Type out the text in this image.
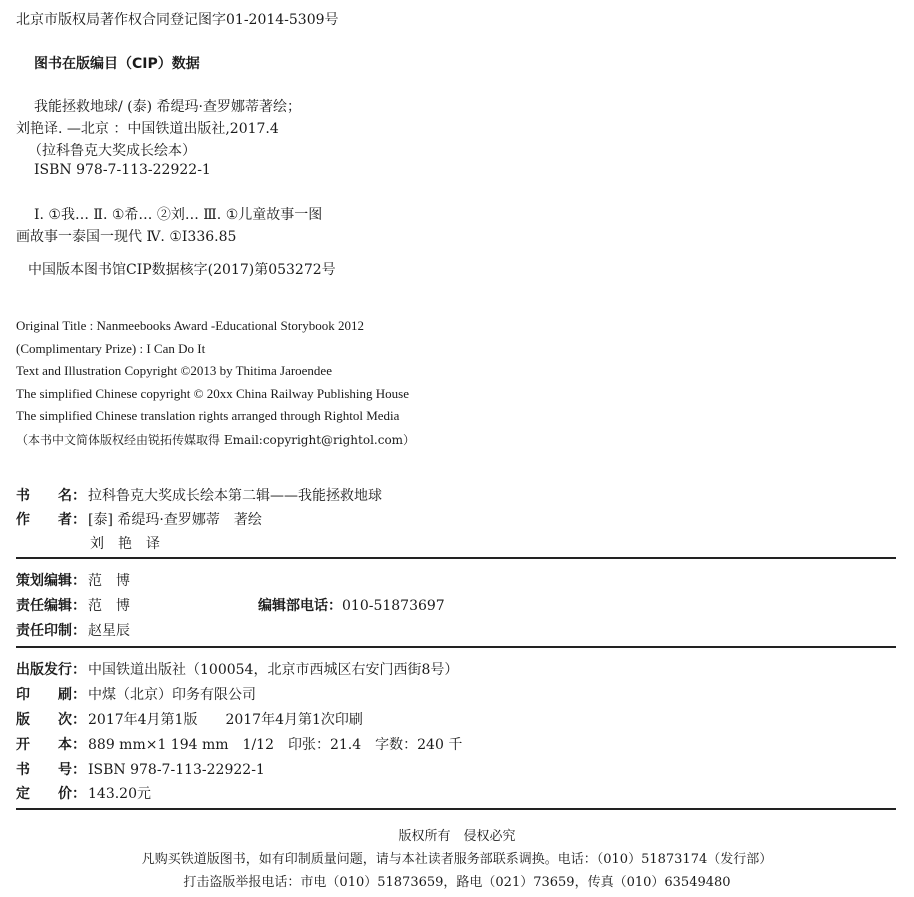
北京市版权局著作权合同登记图字01-2014-5309号
图书在版编目（CIP）数据
我能拯救地球/ (泰) 希缇玛·查罗娜蒂著绘；
刘艳译. —北京 ：中国铁道出版社,2017.4
（拉科鲁克大奖成长绘本）
ISBN 978-7-113-22922-1
Ⅰ. ①我… Ⅱ. ①希… ②刘… Ⅲ. ①儿童故事一图
画故事一泰国一现代 Ⅳ. ①I336.85
中国版本图书馆CIP数据核字(2017)第053272号
Original Title : Nanmeebooks Award -Educational Storybook 2012
(Complimentary Prize) : I Can Do It
Text and Illustration Copyright ©2013 by Thitima Jaroendee
The simplified Chinese copyright © 20xx China Railway Publishing House
The simplified Chinese translation rights arranged through Rightol Media
（本书中文简体版权经由锐拓传媒取得 Email:copyright@rightol.com）
书　　名： 拉科鲁克大奖成长绘本第二辑——我能拯救地球
作　　者： [泰] 希缇玛·查罗娜蒂　著绘
刘　艳　译
策划编辑： 范　博
责任编辑： 范　博	编辑部电话：010-51873697
责任印制： 赵星辰
出版发行： 中国铁道出版社（100054，北京市西城区右安门西街8号）
印　　刷： 中煤（北京）印务有限公司
版　　次： 2017年4月第1版　　2017年4月第1次印刷
开　　本： 889 mm×1 194 mm　1/12　印张：21.4　字数：240 千
书　　号： ISBN 978-7-113-22922-1
定　　价： 143.20元
版权所有　侵权必究
凡购买铁道版图书，如有印制质量问题，请与本社读者服务部联系调换。电话：（010）51873174（发行部）
打击盗版举报电话：市电（010）51873659，路电（021）73659，传真（010）63549480
